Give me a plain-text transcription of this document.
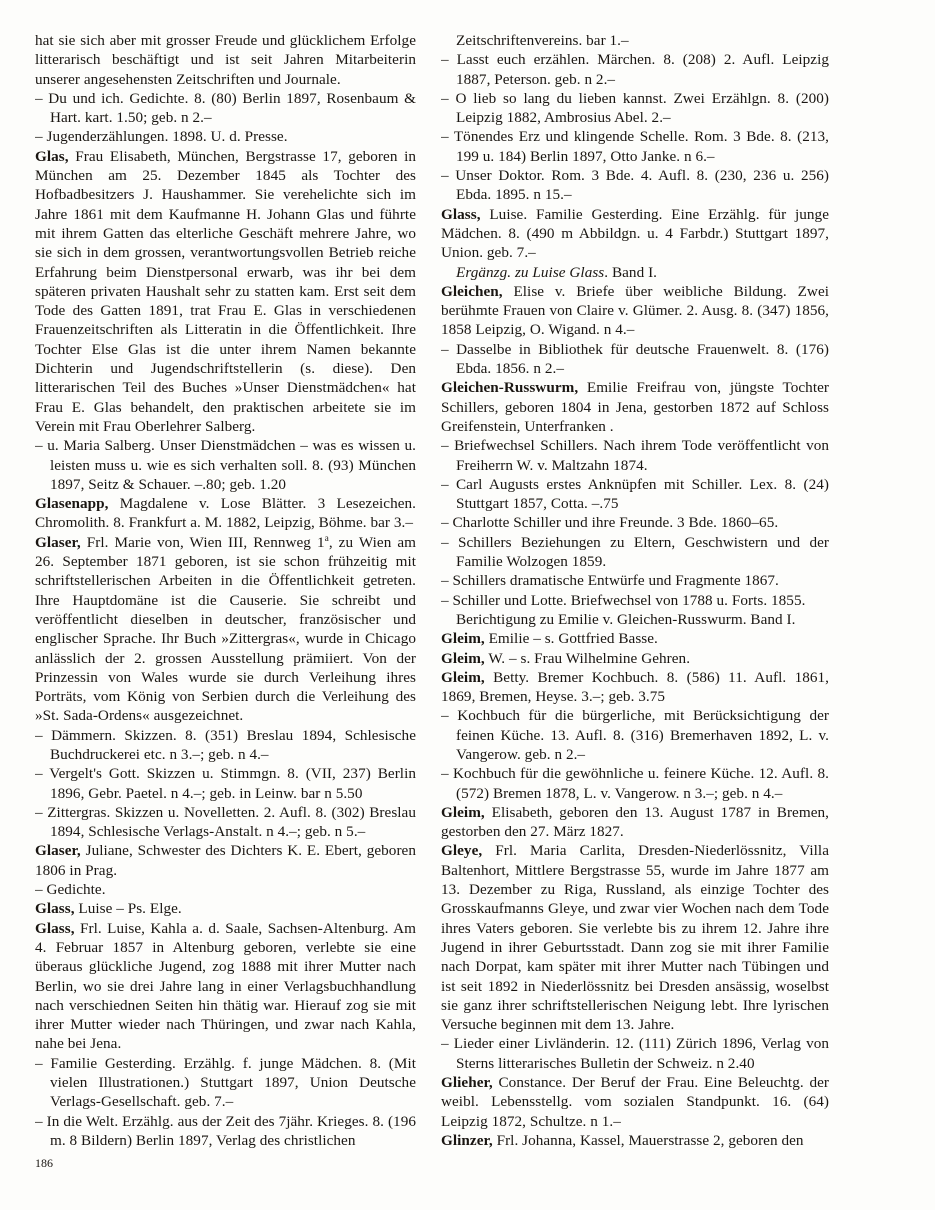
hat sie sich aber mit grosser Freude und glücklichem Erfolge litterarisch beschäftigt und ist seit Jahren Mitarbeiterin unserer angesehensten Zeitschriften und Journale.

– Du und ich. Gedichte. 8. (80) Berlin 1897, Rosenbaum & Hart. kart. 1.50; geb. n 2.–

– Jugenderzählungen. 1898. U. d. Presse.

Glas, Frau Elisabeth, München, Bergstrasse 17, geboren in München am 25. Dezember 1845 als Tochter des Hofbadbesitzers J. Haushammer. Sie verehelichte sich im Jahre 1861 mit dem Kaufmanne H. Johann Glas und führte mit ihrem Gatten das elterliche Geschäft mehrere Jahre, wo sie sich in dem grossen, verantwortungsvollen Betrieb reiche Erfahrung beim Dienstpersonal erwarb, was ihr bei dem späteren privaten Haushalt sehr zu statten kam. Erst seit dem Tode des Gatten 1891, trat Frau E. Glas in verschiedenen Frauenzeitschriften als Litteratin in die Öffentlichkeit. Ihre Tochter Else Glas ist die unter ihrem Namen bekannte Dichterin und Jugendschriftstellerin (s. diese). Den litterarischen Teil des Buches »Unser Dienstmädchen« hat Frau E. Glas behandelt, den praktischen arbeitete sie im Verein mit Frau Oberlehrer Salberg.

– u. Maria Salberg. Unser Dienstmädchen – was es wissen u. leisten muss u. wie es sich verhalten soll. 8. (93) München 1897, Seitz & Schauer. –.80; geb. 1.20

Glasenapp, Magdalene v. Lose Blätter. 3 Lesezeichen. Chromolith. 8. Frankfurt a. M. 1882, Leipzig, Böhme. bar 3.–

Glaser, Frl. Marie von, Wien III, Rennweg 1$^a$, zu Wien am 26. September 1871 geboren, ist sie schon frühzeitig mit schriftstellerischen Arbeiten in die Öffentlichkeit getreten. Ihre Hauptdomäne ist die Causerie. Sie schreibt und veröffentlicht dieselben in deutscher, französischer und englischer Sprache. Ihr Buch »Zittergras«, wurde in Chicago anlässlich der 2. grossen Ausstellung prämiiert. Von der Prinzessin von Wales wurde sie durch Verleihung ihres Porträts, vom König von Serbien durch die Verleihung des »St. Sada-Ordens« ausgezeichnet.

– Dämmern. Skizzen. 8. (351) Breslau 1894, Schlesische Buchdruckerei etc. n 3.–; geb. n 4.–

– Vergelt's Gott. Skizzen u. Stimmgn. 8. (VII, 237) Berlin 1896, Gebr. Paetel. n 4.–; geb. in Leinw. bar n 5.50

– Zittergras. Skizzen u. Novelletten. 2. Aufl. 8. (302) Breslau 1894, Schlesische Verlags-Anstalt. n 4.–; geb. n 5.–

Glaser, Juliane, Schwester des Dichters K. E. Ebert, geboren 1806 in Prag.

– Gedichte.

Glass, Luise – Ps. Elge.

Glass, Frl. Luise, Kahla a. d. Saale, Sachsen-Altenburg. Am 4. Februar 1857 in Altenburg geboren, verlebte sie eine überaus glückliche Jugend, zog 1888 mit ihrer Mutter nach Berlin, wo sie drei Jahre lang in einer Verlagsbuchhandlung nach verschiednen Seiten hin thätig war. Hierauf zog sie mit ihrer Mutter wieder nach Thüringen, und zwar nach Kahla, nahe bei Jena.

– Familie Gesterding. Erzählg. f. junge Mädchen. 8. (Mit vielen Illustrationen.) Stuttgart 1897, Union Deutsche Verlags-Gesellschaft. geb. 7.–

– In die Welt. Erzählg. aus der Zeit des 7jähr. Krieges. 8. (196 m. 8 Bildern) Berlin 1897, Verlag des christlichen

Zeitschriftenvereins. bar 1.–

– Lasst euch erzählen. Märchen. 8. (208) 2. Aufl. Leipzig 1887, Peterson. geb. n 2.–

– O lieb so lang du lieben kannst. Zwei Erzählgn. 8. (200) Leipzig 1882, Ambrosius Abel. 2.–

– Tönendes Erz und klingende Schelle. Rom. 3 Bde. 8. (213, 199 u. 184) Berlin 1897, Otto Janke. n 6.–

– Unser Doktor. Rom. 3 Bde. 4. Aufl. 8. (230, 236 u. 256) Ebda. 1895. n 15.–

Glass, Luise. Familie Gesterding. Eine Erzählg. für junge Mädchen. 8. (490 m Abbildgn. u. 4 Farbdr.) Stuttgart 1897, Union. geb. 7.–

Ergänzg. zu Luise Glass. Band I.

Gleichen, Elise v. Briefe über weibliche Bildung. Zwei berühmte Frauen von Claire v. Glümer. 2. Ausg. 8. (347) 1856, 1858 Leipzig, O. Wigand. n 4.–

– Dasselbe in Bibliothek für deutsche Frauenwelt. 8. (176) Ebda. 1856. n 2.–

Gleichen-Russwurm, Emilie Freifrau von, jüngste Tochter Schillers, geboren 1804 in Jena, gestorben 1872 auf Schloss Greifenstein, Unterfranken .

– Briefwechsel Schillers. Nach ihrem Tode veröffentlicht von Freiherrn W. v. Maltzahn 1874.

– Carl Augusts erstes Anknüpfen mit Schiller. Lex. 8. (24) Stuttgart 1857, Cotta. –.75

– Charlotte Schiller und ihre Freunde. 3 Bde. 1860–65.

– Schillers Beziehungen zu Eltern, Geschwistern und der Familie Wolzogen 1859.

– Schillers dramatische Entwürfe und Fragmente 1867.

– Schiller und Lotte. Briefwechsel von 1788 u. Forts. 1855.

Berichtigung zu Emilie v. Gleichen-Russwurm. Band I.

Gleim, Emilie – s. Gottfried Basse.

Gleim, W. – s. Frau Wilhelmine Gehren.

Gleim, Betty. Bremer Kochbuch. 8. (586) 11. Aufl. 1861, 1869, Bremen, Heyse. 3.–; geb. 3.75

– Kochbuch für die bürgerliche, mit Berücksichtigung der feinen Küche. 13. Aufl. 8. (316) Bremerhaven 1892, L. v. Vangerow. geb. n 2.–

– Kochbuch für die gewöhnliche u. feinere Küche. 12. Aufl. 8. (572) Bremen 1878, L. v. Vangerow. n 3.–; geb. n 4.–

Gleim, Elisabeth, geboren den 13. August 1787 in Bremen, gestorben den 27. März 1827.

Gleye, Frl. Maria Carlita, Dresden-Niederlössnitz, Villa Baltenhort, Mittlere Bergstrasse 55, wurde im Jahre 1877 am 13. Dezember zu Riga, Russland, als einzige Tochter des Grosskaufmanns Gleye, und zwar vier Wochen nach dem Tode ihres Vaters geboren. Sie verlebte bis zu ihrem 12. Jahre ihre Jugend in ihrer Geburtsstadt. Dann zog sie mit ihrer Familie nach Dorpat, kam später mit ihrer Mutter nach Tübingen und ist seit 1892 in Niederlössnitz bei Dresden ansässig, woselbst sie ganz ihrer schriftstellerischen Neigung lebt. Ihre lyrischen Versuche beginnen mit dem 13. Jahre.

– Lieder einer Livländerin. 12. (111) Zürich 1896, Verlag von Sterns litterarisches Bulletin der Schweiz. n 2.40

Glieher, Constance. Der Beruf der Frau. Eine Beleuchtg. der weibl. Lebensstellg. vom sozialen Standpunkt. 16. (64) Leipzig 1872, Schultze. n 1.–

Glinzer, Frl. Johanna, Kassel, Mauerstrasse 2, geboren den

186
